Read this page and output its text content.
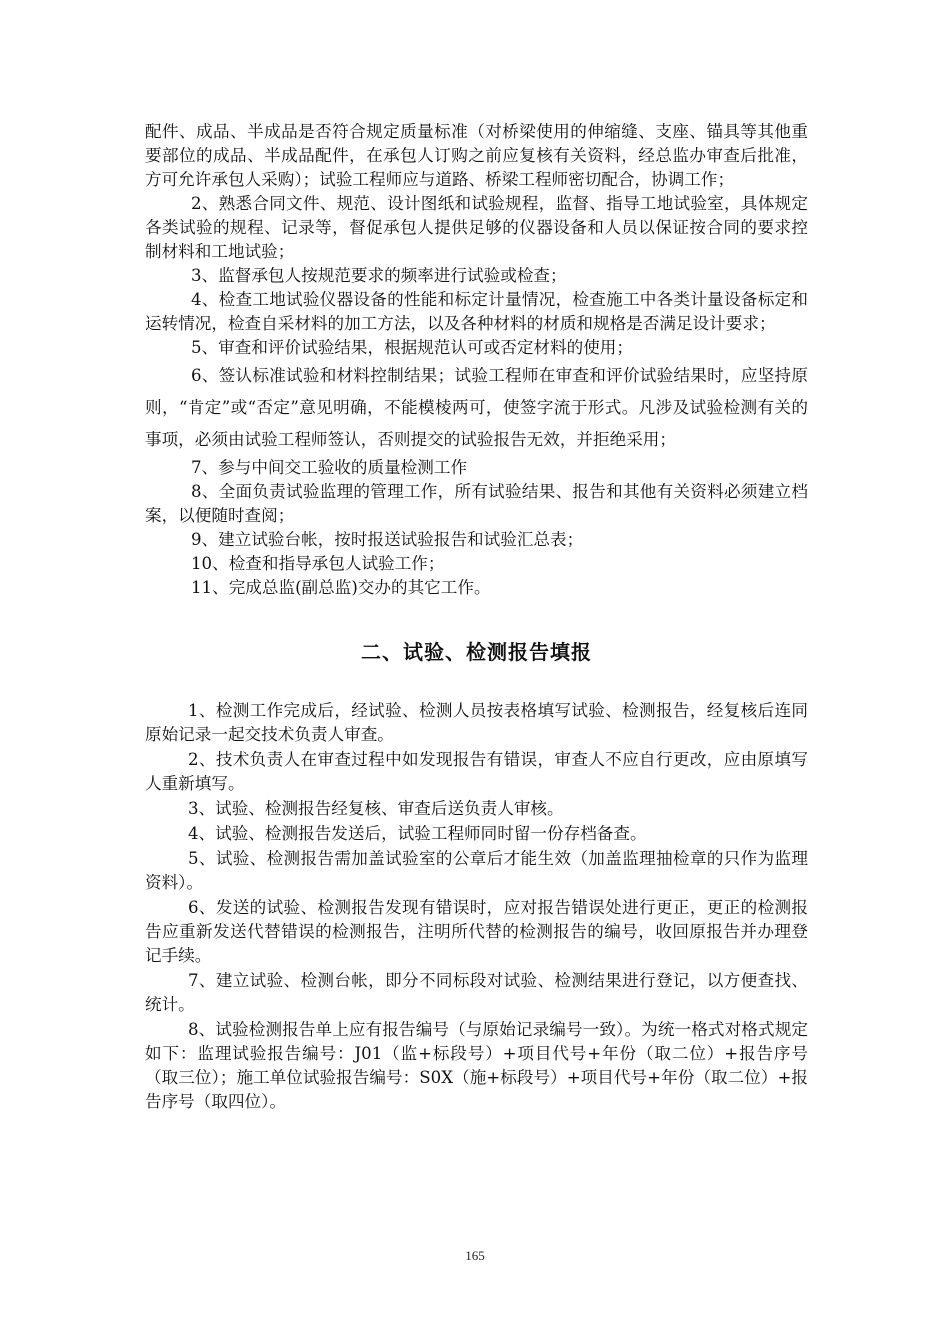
配件、成品、半成品是否符合规定质量标准（对桥梁使用的伸缩缝、支座、锚具等其他重要部位的成品、半成品配件，在承包人订购之前应复核有关资料，经总监办审查后批准，方可允许承包人采购）；试验工程师应与道路、桥梁工程师密切配合，协调工作；

2、熟悉合同文件、规范、设计图纸和试验规程，监督、指导工地试验室，具体规定各类试验的规程、记录等，督促承包人提供足够的仪器设备和人员以保证按合同的要求控制材料和工地试验；

3、监督承包人按规范要求的频率进行试验或检查；

4、检查工地试验仪器设备的性能和标定计量情况，检查施工中各类计量设备标定和运转情况，检查自采材料的加工方法，以及各种材料的材质和规格是否满足设计要求；

5、审查和评价试验结果，根据规范认可或否定材料的使用；

6、签认标准试验和材料控制结果；试验工程师在审查和评价试验结果时，应坚持原则，“肯定”或“否定”意见明确，不能模棱两可，使签字流于形式。凡涉及试验检测有关的事项，必须由试验工程师签认，否则提交的试验报告无效，并拒绝采用；

7、参与中间交工验收的质量检测工作

8、全面负责试验监理的管理工作，所有试验结果、报告和其他有关资料必须建立档案，以便随时查阅；

9、建立试验台帐，按时报送试验报告和试验汇总表；

10、检查和指导承包人试验工作；

11、完成总监(副总监)交办的其它工作。

二、试验、检测报告填报

1、检测工作完成后，经试验、检测人员按表格填写试验、检测报告，经复核后连同原始记录一起交技术负责人审查。

2、技术负责人在审查过程中如发现报告有错误，审查人不应自行更改，应由原填写人重新填写。

3、试验、检测报告经复核、审查后送负责人审核。

4、试验、检测报告发送后，试验工程师同时留一份存档备查。

5、试验、检测报告需加盖试验室的公章后才能生效（加盖监理抽检章的只作为监理资料）。

6、发送的试验、检测报告发现有错误时，应对报告错误处进行更正，更正的检测报告应重新发送代替错误的检测报告，注明所代替的检测报告的编号，收回原报告并办理登记手续。

7、建立试验、检测台帐，即分不同标段对试验、检测结果进行登记，以方便查找、统计。

8、试验检测报告单上应有报告编号（与原始记录编号一致）。为统一格式对格式规定如下：监理试验报告编号：J01（监+标段号）+项目代号+年份（取二位）+报告序号（取三位）；施工单位试验报告编号：S0X（施+标段号）+项目代号+年份（取二位）+报告序号（取四位）。

165
